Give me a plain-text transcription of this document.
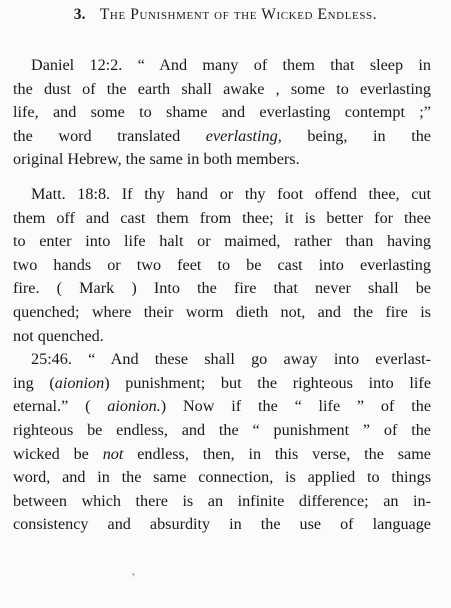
3. The Punishment of the Wicked Endless.
Daniel 12:2. “ And many of them that sleep in
the dust of the earth shall awake , some to everlasting
life, and some to shame and everlasting contempt ;”
the word translated everlasting, being, in the
original Hebrew, the same in both members.
Matt. 18:8. If thy hand or thy foot offend thee, cut
them off and cast them from thee; it is better for thee
to enter into life halt or maimed, rather than having
two hands or two feet to be cast into everlasting
fire. ( Mark ) Into the fire that never shall be
quenched; where their worm dieth not, and the fire is
not quenched.
25:46. “ And these shall go away into everlast-
ing (aionion) punishment; but the righteous into life
eternal.” ( aionion.) Now if the “ life ” of the
righteous be endless, and the “ punishment ” of the
wicked be not endless, then, in this verse, the same
word, and in the same connection, is applied to things
between which there is an infinite difference; an in-
consistency and absurdity in the use of language
’
